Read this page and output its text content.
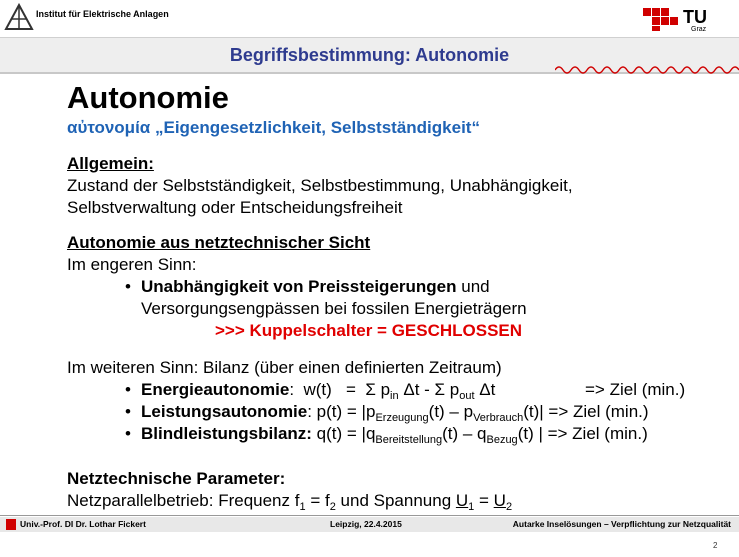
Institut für Elektrische Anlagen	TU
Graz
Begriffsbestimmung: Autonomie
Autonomie
αὐτονομία „Eigengesetzlichkeit, Selbstständigkeit“
Allgemein:
Zustand der Selbstständigkeit, Selbstbestimmung, Unabhängigkeit,
Selbstverwaltung oder Entscheidungsfreiheit
Autonomie aus netztechnischer Sicht
Im engeren Sinn:
• Unabhängigkeit von Preissteigerungen und
Versorgungsengpässen bei fossilen Energieträgern
>>> Kuppelschalter = GESCHLOSSEN
Im weiteren Sinn: Bilanz (über einen definierten Zeitraum)
• Energieautonomie:  w(t)   =  Σ $p_{in}$ Δt - Σ $p_{out}$ Δt	=> Ziel (min.)
• Leistungsautonomie: $p(t) = |p_{Erzeugung}(t) - p_{Verbrauch}(t)|$ => Ziel (min.)
• Blindleistungsbilanz: $q(t) = |q_{Bereitstellung}(t) - q_{Bezug}(t)$ | => Ziel (min.)
Netztechnische Parameter:
Netzparallelbetrieb: Frequenz $f_1 = f_2$ und Spannung $U_1 = U_2$
Univ.-Prof. DI Dr. Lothar Fickert	Leipzig, 22.4.2015	Autarke Inselösungen – Verpflichtung zur Netzqualität
2
